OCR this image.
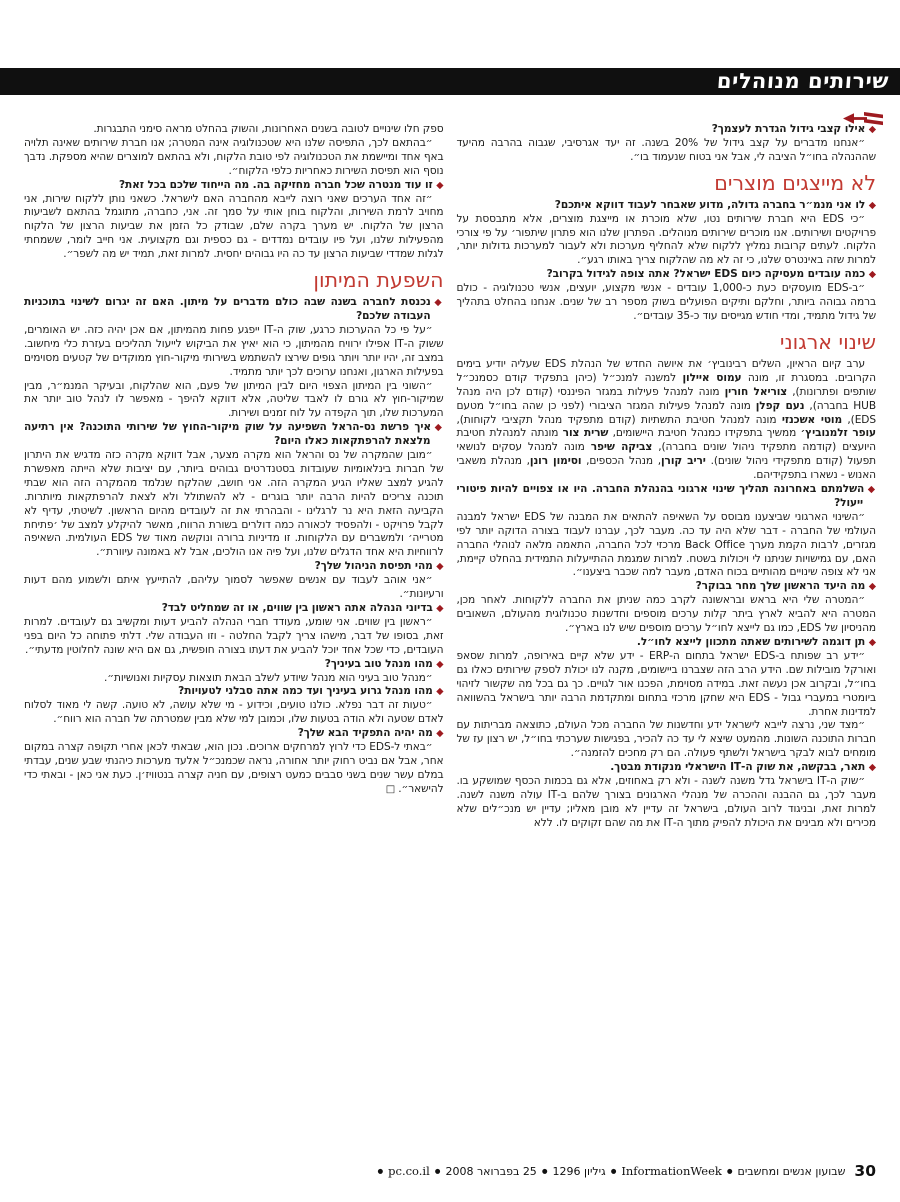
שירותים מנוהלים

◆ אילו קצבי גידול הגדרת לעצמך?

״אנחנו מדברים על קצב גידול של 20% בשנה. זה יעד אגרסיבי, שגבוה בהרבה מהיעד שההנהלה בחו״ל הציבה לי, אבל אני בטוח שנעמוד בו״.

לא מייצגים מוצרים

◆ לו אני מנמ״ר בחברה גדולה, מדוע שאבחר לעבוד דווקא איתכם?

״כי EDS היא חברת שירותים נטו, שלא מוכרת או מייצגת מוצרים, אלא מתבססת על פרויקטים ושירותים. אנו מוכרים שירותים מנוהלים. הפתרון שלנו הוא פתרון שיתפור׳ על פי צורכי הלקוח. לעתים קרובות נמליץ ללקוח שלא להחליף מערכות ולא לעבור למערכות גדולות יותר, למרות שזה באינטרס שלנו, כי זה לא מה שהלקוח צריך באותו רגע״.

◆ כמה עובדים מעסיקה כיום EDS ישראל? אתה צופה לגידול בקרוב?

״ב-EDS מועסקים כעת כ-1,000 עובדים - אנשי מקצוע, יועצים, אנשי טכנולוגיה - כולם ברמה גבוהה ביותר, וחלקם ותיקים הפועלים בשוק מספר רב של שנים. אנחנו בהחלט בתהליך של גידול מתמיד, ומדי חודש מגייסים עוד כ-35 עובדים״.

שינוי ארגוני

ערב קיום הראיון, השלים רבינוביץ׳ את איושה החדש של הנהלת EDS שעליה יודיע בימים הקרובים. במסגרת זו, מונה עמוס איילון למשנה למנכ״ל (כיהן בתפקיד קודם כסמנכ״ל שותפים ופתרונות), צוריאל חורין מונה למנהל פעילות במגזר הפיננסי (קודם לכן היה מנהל HUB בחברה), נעם קפלן מונה למנהל פעילות המגזר הציבורי (לפני כן שהה בחו״ל מטעם EDS), מוטי אשכנזי מונה למנהל חטיבת התשתיות (קודם מתפקיד מנהל תקציבי לקוחות), עופר זלמנוביץ׳ ממשיך בתפקידו כמנהל חטיבת היישומים, שרית צור מונתה למנהלת חטיבת היועצים (קודמה מתפקיד ניהול שונים בחברה), צביקה שיפר מונה למנהל עסקים לנושאי תפעול (קודם מתפקידי ניהול שונים). יריב קורן, מנהל הכספים, וסימון רונן, מנהלת משאבי האנוש - נשארו בתפקידיהם.

◆ השלמתם באחרונה תהליך שינוי ארגוני בהנהלת החברה. היו או צפויים להיות פיטורי ייעול?

״השינוי הארגוני שביצענו מבוסס על השאיפה להתאים את המבנה של EDS ישראל למבנה העולמי של החברה - דבר שלא היה עד כה. מעבר לכך, עברנו לעבוד בצורה הדוקה יותר לפי מגזרים, לרבות הקמת מערך Back Office מרכזי לכל החברה, התאמה מלאה לנוהלי החברה האם, עם גמישויות שניתנו לי ויכולות בשטח. למרות שמגמת ההתייעלות התמידית בהחלט קיימת, אני לא צופה שינויים מהותיים בכוח האדם, מעבר למה שכבר ביצענו״.

◆ מה היעד הראשון שלך מחר בבוקר?

״המטרה שלי היא בראש ובראשונה לקרב כמה שניתן את החברה ללקוחות. לאחר מכן, המטרה היא להביא לארץ ביתר קלות ערכים מוספים וחדשנות טכנולוגית מהעולם, השאובים מהניסיון של EDS, כמו גם לייצא לחו״ל ערכים מוספים שיש לנו בארץ״.

◆ תן דוגמה לשירותים שאתה מתכוון לייצא לחו״ל.

״ידע רב שפותח ב-EDS ישראל בתחום ה-ERP - ידע שלא קיים באירופה, למרות שסאפ ואורקל מובילות שם. הידע הרב הזה שצברנו ביישומים, מקנה לנו יכולת לספק שירותים כאלו גם בחו״ל, ובקרוב אכן נעשה זאת. במידה מסוימת, הפכנו אור לגויים. כך גם בכל מה שקשור לזיהוי ביומטרי במעברי גבול - EDS היא שחקן מרכזי בתחום ומתקדמת הרבה יותר בישראל בהשוואה למדינות אחרת.

״מצד שני, נרצה לייבא לישראל ידע וחדשנות של החברה מכל העולם, כתוצאה מבריתות עם חברות התוכנה השונות. מהמעט שיצא לי עד כה להכיר, בפגישות שערכתי בחו״ל, יש רצון עז של מומחים לבוא לבקר בישראל ולשתף פעולה. הם רק מחכים להזמנה״.

◆ תאר, בבקשה, את שוק ה-IT הישראלי מנקודת מבטך.

״שוק ה-IT בישראל גדל משנה לשנה - ולא רק באחוזים, אלא גם בכמות הכסף שמושקע בו. מעבר לכך, גם ההבנה וההכרה של מנהלי הארגונים בצורך שלהם ב-IT עולה משנה לשנה. למרות זאת, ובניגוד לרוב העולם, בישראל זה עדיין לא מובן מאליו; עדיין יש מנכ״לים שלא מכירים ולא מבינים את היכולת להפיק מתוך ה-IT את מה שהם זקוקים לו. ללא

ספק חלו שינויים לטובה בשנים האחרונות, והשוק בהחלט מראה סימני התבגרות.

״בהתאם לכך, התפיסה שלנו היא שטכנולוגיה אינה המטרה; אנו חברת שירותים שאינה תלויה באף אחד ומיישמת את הטכנולוגיה לפי טובת הלקוח, ולא בהתאם למוצרים שהיא מספקת. נדבך נוסף הוא תפיסת השירות כאחריות כלפי הלקוח״.

◆ זו עוד מנטרה שכל חברה מחזיקה בה. מה הייחוד שלכם בכל זאת?

״זה אחד הערכים שאני רוצה לייבא מהחברה האם לישראל. כשאני נותן ללקוח שירות, אני מחויב לרמת השירות, והלקוח בוחן אותי על סמך זה. אני, כחברה, מתוגמל בהתאם לשביעות הרצון של הלקוח. יש מערך בקרה שלם, שבודק כל הזמן את שביעות הרצון של הלקוח מהפעילות שלנו, ועל פיו עובדים נמדדים - גם כספית וגם מקצועית. אני חייב לומר, ששמחתי לגלות שמדדי שביעות הרצון עד כה היו גבוהים יחסית. למרות זאת, תמיד יש מה לשפר״.

השפעת המיתון

◆ נכנסת לחברה בשנה שבה כולם מדברים על מיתון. האם זה יגרום לשינוי בתוכניות העבודה שלכם?

״על פי כל ההערכות כרגע, שוק ה-IT ייפגע פחות מהמיתון, אם אכן יהיה כזה. יש האומרים, ששוק ה-IT אפילו ירוויח מהמיתון, כי הוא יאיץ את הביקוש לייעול תהליכים בעזרת כלי מיחשוב. במצב זה, יהיו יותר ויותר גופים שירצו להשתמש בשירותי מיקור-חוץ ממוקדים של קטעים מסוימים בפעילות הארגון, ואנחנו ערוכים לכך יותר מתמיד.

״השוני בין המיתון הצפוי היום לבין המיתון של פעם, הוא שהלקוח, ובעיקר המנמ״ר, מבין שמיקור-חוץ לא גורם לו לאבד שליטה, אלא דווקא להיפך - מאפשר לו לנהל טוב יותר את המערכות שלו, תוך הקפדה על לוח זמנים ושירות.

◆ איך פרשת נס-הראל השפיעה על שוק מיקור-החוץ של שירותי התוכנה? אין רתיעה מלצאת להרפתקאות כאלו היום?

״מובן שהמקרה של נס והראל הוא מקרה מצער, אבל דווקא מקרה כזה מדגיש את היתרון של חברות בינלאומיות שעובדות בסטנדרטים גבוהים ביותר, עם יציבות שלא הייתה מאפשרת להגיע למצב שאליו הגיע המקרה הזה. אני חושב, שהלקח שנלמד מהמקרה הזה הוא שבתי תוכנה צריכים להיות הרבה יותר בוגרים - לא להשתולל ולא לצאת להרפתקאות מיותרות. הקביעה הזאת היא נר לרגלינו - והבהרתי את זה לעובדים מהיום הראשון. לשיטתי, עדיף לא לקבל פרויקט - ולהפסיד לכאורה כמה דולרים בשורת הרווח, מאשר להיקלע למצב של ׳פתיחת מטרייה׳ ולמשברים עם הלקוחות. זו מדיניות ברורה ונוקשה מאוד של EDS העולמית. השאיפה לרווחיות היא אחד הדגלים שלנו, ועל פיה אנו הולכים, אבל לא באמונה עיוורת״.

◆ מהי תפיסת הניהול שלך?

״אני אוהב לעבוד עם אנשים שאפשר לסמוך עליהם, להתייעץ איתם ולשמוע מהם דעות ורעיונות״.

◆ בדיוני הנהלה אתה ראשון בין שווים, או זה שמחליט לבד?

״ראשון בין שווים. אני שומע, מעודד חברי הנהלה להביע דעות ומקשיב גם לעובדים. למרות זאת, בסופו של דבר, מישהו צריך לקבל החלטה - וזו העבודה שלי. דלתי פתוחה כל היום בפני העובדים, כדי שכל אחד יוכל להביע את דעתו בצורה חופשית, גם אם היא שונה לחלוטין מדעתי״.

◆ מהו מנהל טוב בעיניך?

״מנהל טוב בעיני הוא מנהל שיודע לשלב הבאת תוצאות עסקיות ואנושיות״.

◆ מהו מנהל גרוע בעיניך ועד כמה אתה סבלני לטעויות?

״טעות זה דבר נפלא. כולנו טועים, וכידוע - מי שלא עושה, לא טועה. קשה לי מאוד לסלוח לאדם שטעה ולא הודה בטעות שלו, וכמובן למי שלא מבין שמטרתה של חברה הוא רווח״.

◆ מה יהיה התפקיד הבא שלך?

״באתי ל-EDS כדי לרוץ למרחקים ארוכים. נכון הוא, שבאתי לכאן אחרי תקופה קצרה במקום אחר, אבל אם נביט רחוק יותר אחורה, נראה שכמנכ״ל אלעד מערכות כיהנתי שבע שנים, עבדתי במלם עשר שנים בשני סבבים כמעט רצופים, עם חניה קצרה בנטוויז׳ן. כעת אני כאן - ובאתי כדי להישאר״. □

30שבועון אנשים ומחשבים●InformationWeek●גיליון 1296●25 בפברואר 2008●pc.co.il●
